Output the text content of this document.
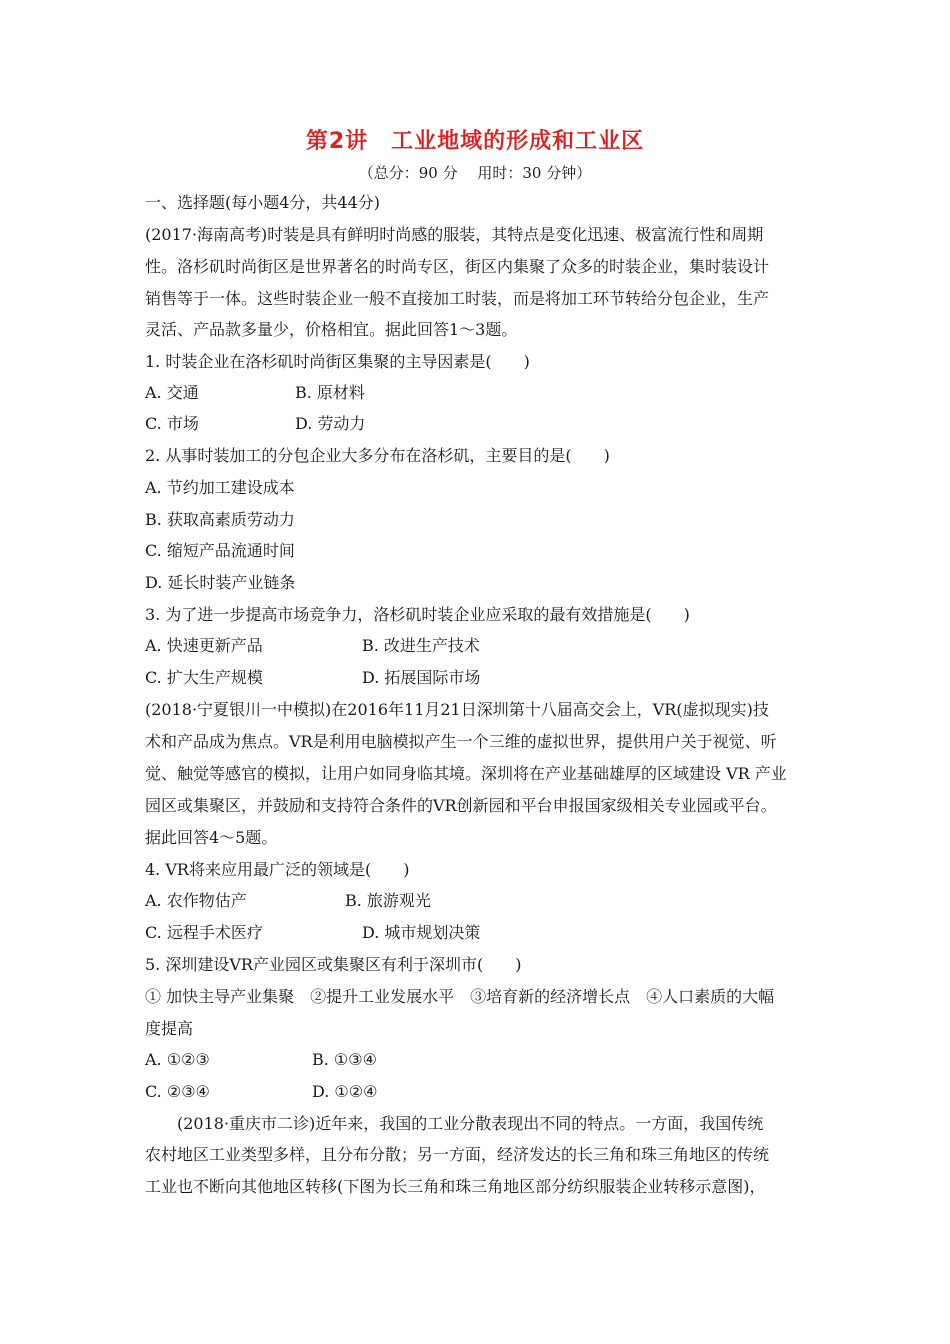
第2讲　工业地域的形成和工业区
（总分：90 分　 用时：30 分钟）
一、选择题(每小题4分，共44分)
(2017·海南高考)时装是具有鲜明时尚感的服装，其特点是变化迅速、极富流行性和周期
性。洛杉矶时尚街区是世界著名的时尚专区，街区内集聚了众多的时装企业，集时装设计
销售等于一体。这些时装企业一般不直接加工时装，而是将加工环节转给分包企业，生产
灵活、产品款多量少，价格相宜。据此回答1～3题。
1. 时装企业在洛杉矶时尚街区集聚的主导因素是(　　)
A. 交通	B. 原材料
C. 市场	D. 劳动力
2. 从事时装加工的分包企业大多分布在洛杉矶，主要目的是(　　)
A. 节约加工建设成本
B. 获取高素质劳动力
C. 缩短产品流通时间
D. 延长时装产业链条
3. 为了进一步提高市场竞争力，洛杉矶时装企业应采取的最有效措施是(　　)
A. 快速更新产品	B. 改进生产技术
C. 扩大生产规模	D. 拓展国际市场
(2018·宁夏银川一中模拟)在2016年11月21日深圳第十八届高交会上，VR(虚拟现实)技
术和产品成为焦点。VR是利用电脑模拟产生一个三维的虚拟世界，提供用户关于视觉、听
觉、触觉等感官的模拟，让用户如同身临其境。深圳将在产业基础雄厚的区域建设 VR 产业
园区或集聚区，并鼓励和支持符合条件的VR创新园和平台申报国家级相关专业园或平台。
据此回答4～5题。
4. VR将来应用最广泛的领域是(　　)
A. 农作物估产	B. 旅游观光
C. 远程手术医疗	D. 城市规划决策
5. 深圳建设VR产业园区或集聚区有利于深圳市(　　)
① 加快主导产业集聚　②提升工业发展水平　③培育新的经济增长点　④人口素质的大幅
度提高
A. ①②③	B. ①③④
C. ②③④	D. ①②④
(2018·重庆市二诊)近年来，我国的工业分散表现出不同的特点。一方面，我国传统
农村地区工业类型多样，且分布分散；另一方面，经济发达的长三角和珠三角地区的传统
工业也不断向其他地区转移(下图为长三角和珠三角地区部分纺织服装企业转移示意图)，
